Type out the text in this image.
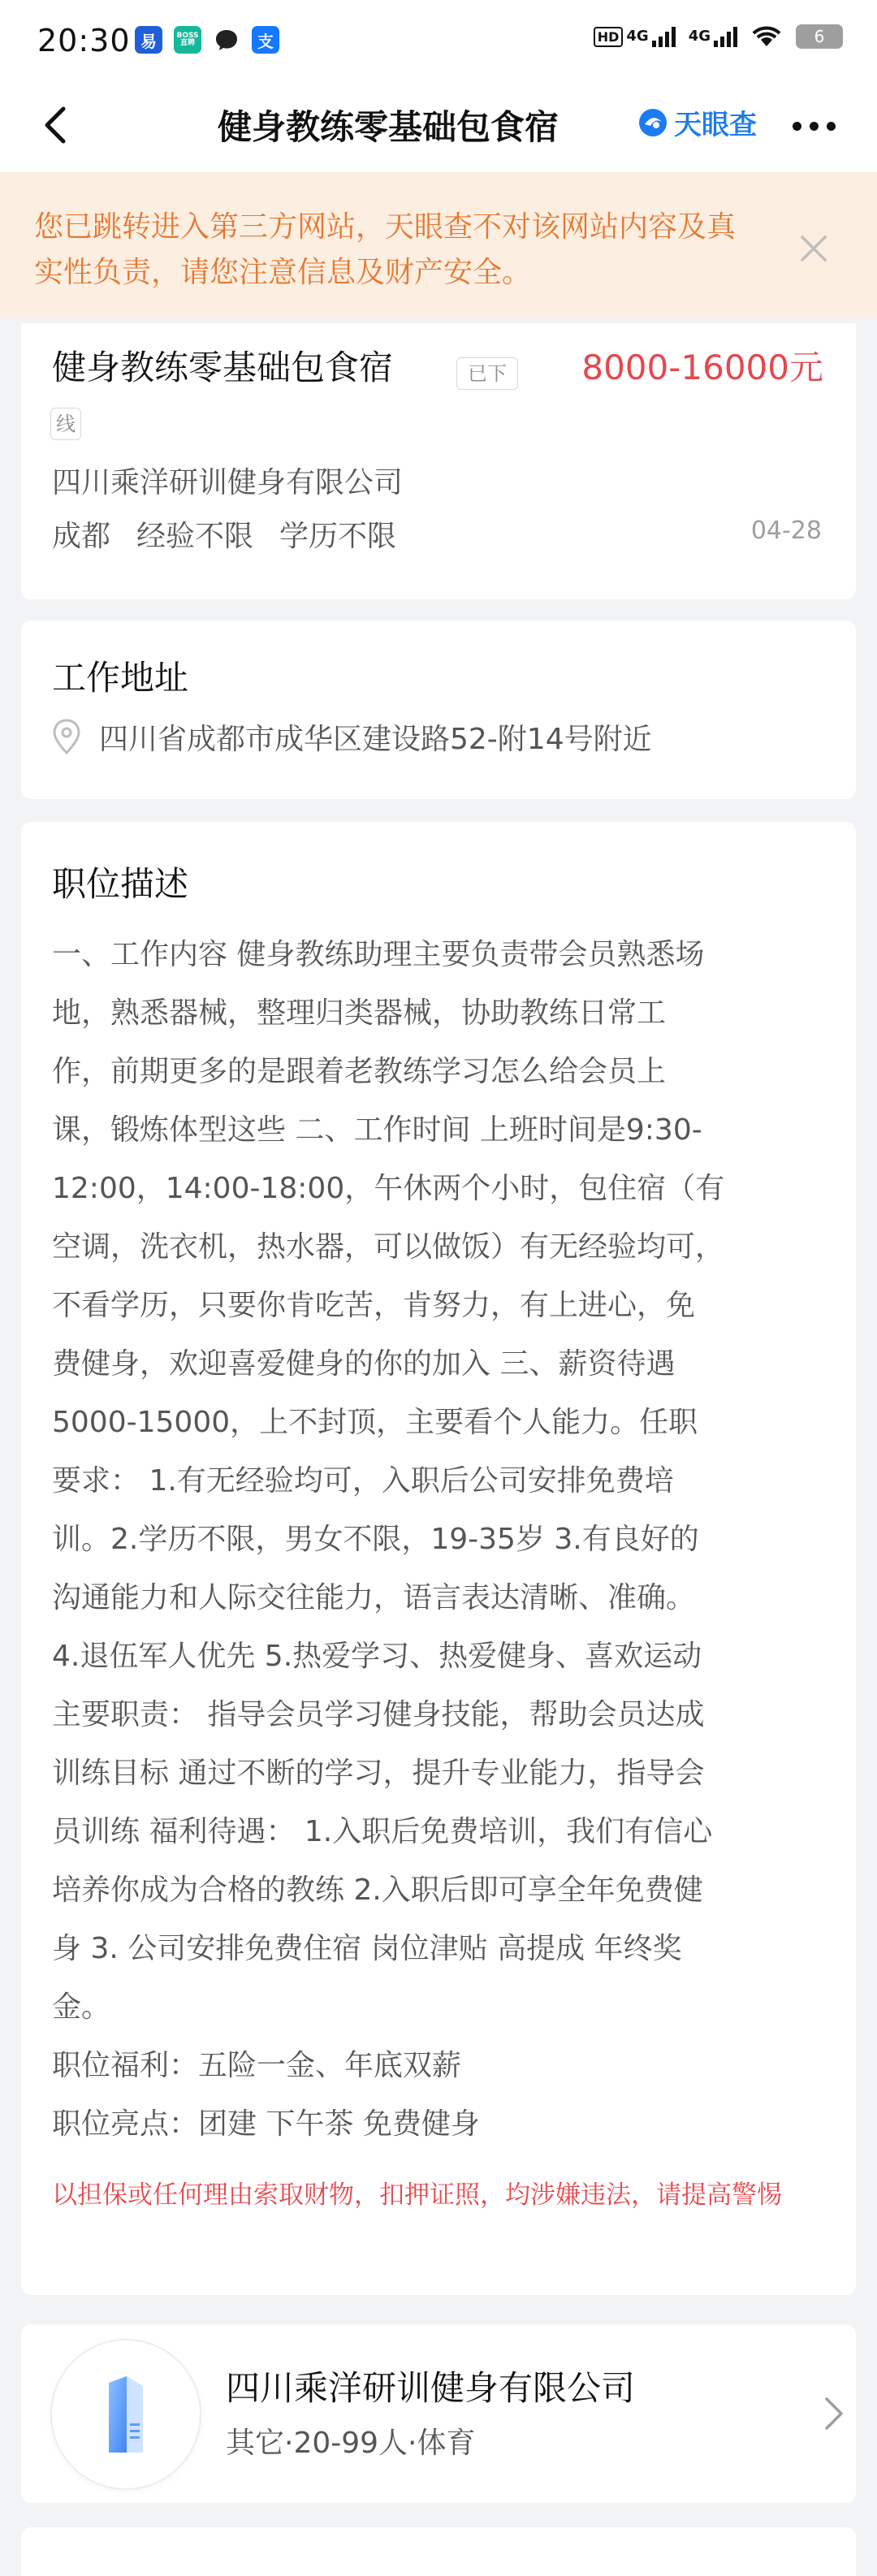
20:30 易	BOSS
直聘	支	HD 4G	4G	6
健身教练零基础包食宿	天眼查
您已跳转进入第三方网站，天眼查不对该网站内容及真实性负责，请您注意信息及财产安全。
健身教练零基础包食宿	已下
线
8000-16000元
四川乘洋研训健身有限公司
成都 经验不限 学历不限	04-28
工作地址
四川省成都市成华区建设路52-附14号附近
职位描述
一、工作内容 健身教练助理主要负责带会员熟悉场
地，熟悉器械，整理归类器械，协助教练日常工
作，前期更多的是跟着老教练学习怎么给会员上
课，锻炼体型这些 二、工作时间 上班时间是9:30-
12:00，14:00-18:00，午休两个小时，包住宿（有
空调，洗衣机，热水器，可以做饭）有无经验均可，
不看学历，只要你肯吃苦，肯努力，有上进心，免
费健身，欢迎喜爱健身的你的加入 三、薪资待遇
5000-15000，上不封顶，主要看个人能力。任职
要求： 1.有无经验均可，入职后公司安排免费培
训。2.学历不限，男女不限，19-35岁 3.有良好的
沟通能力和人际交往能力，语言表达清晰、准确。
4.退伍军人优先 5.热爱学习、热爱健身、喜欢运动
主要职责： 指导会员学习健身技能，帮助会员达成
训练目标 通过不断的学习，提升专业能力，指导会
员训练 福利待遇： 1.入职后免费培训，我们有信心
培养你成为合格的教练 2.入职后即可享全年免费健
身 3. 公司安排免费住宿 岗位津贴 高提成 年终奖
金。
职位福利：五险一金、年底双薪
职位亮点：团建 下午茶 免费健身
以担保或任何理由索取财物，扣押证照，均涉嫌违法，请提高警惕
四川乘洋研训健身有限公司
其它·20-99人·体育
